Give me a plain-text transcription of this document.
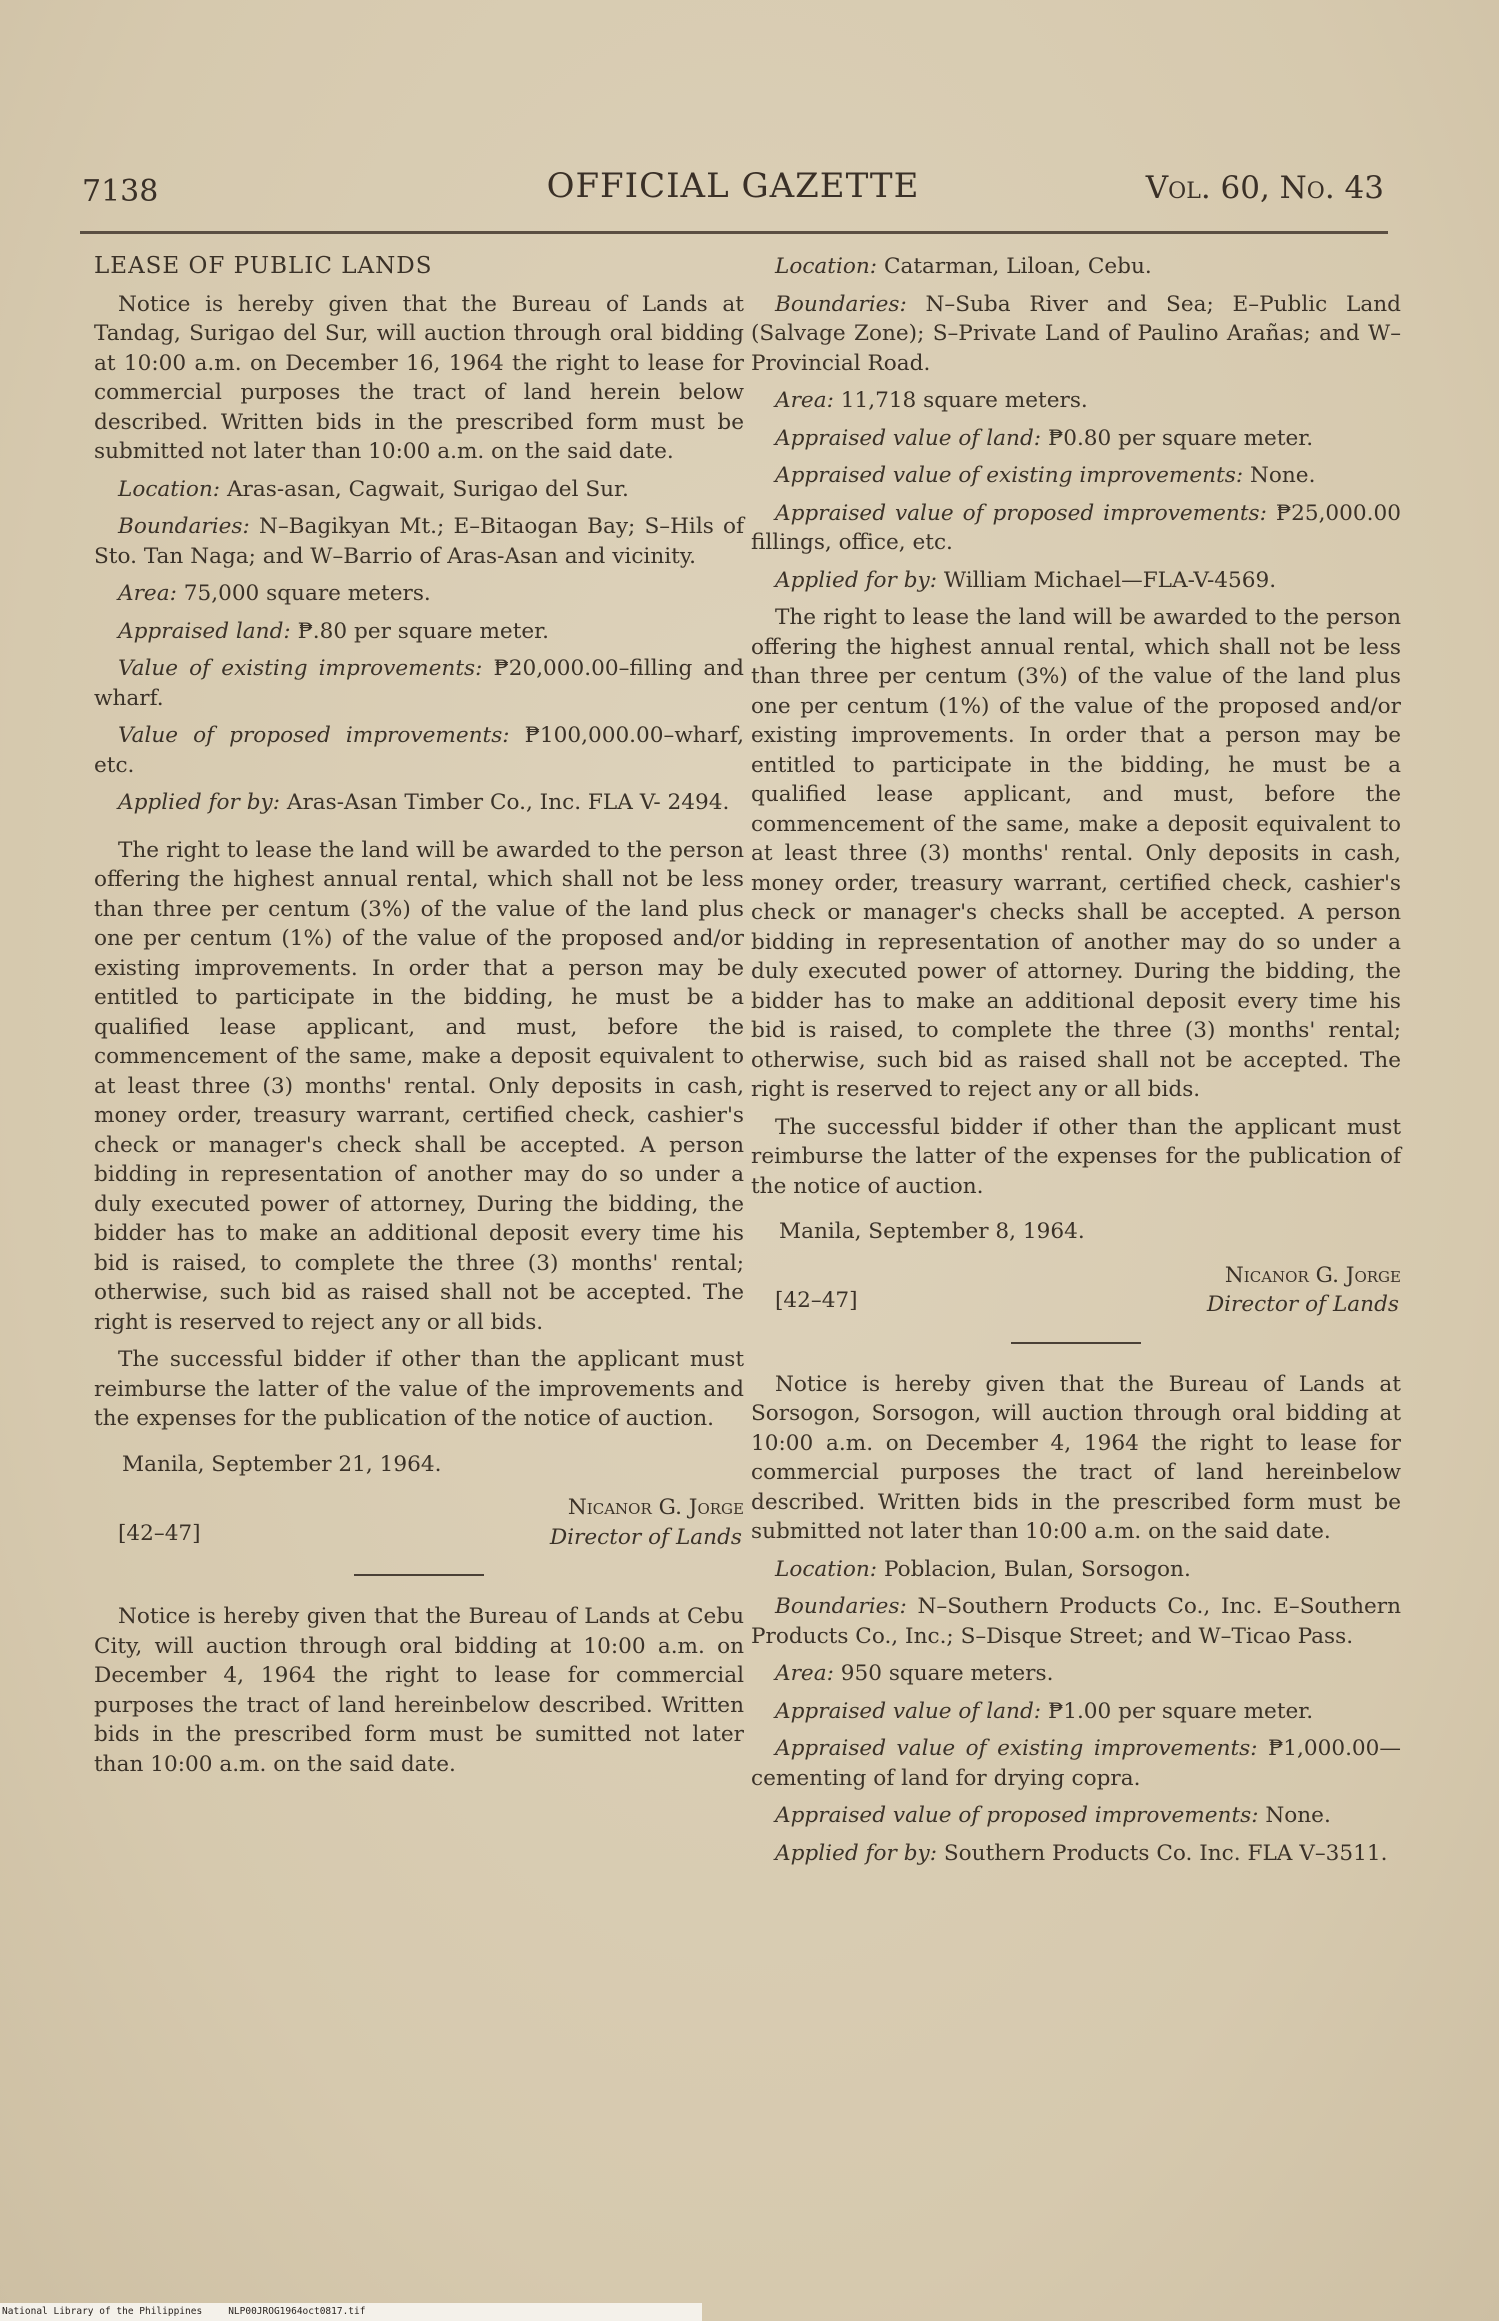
7138	OFFICIAL GAZETTE	Vol. 60, No. 43

LEASE OF PUBLIC LANDS

Notice is hereby given that the Bureau of Lands at Tandag, Surigao del Sur, will auction through oral bidding at 10:00 a.m. on December 16, 1964 the right to lease for commercial purposes the tract of land herein below described. Written bids in the prescribed form must be submitted not later than 10:00 a.m. on the said date.

Location: Aras-asan, Cagwait, Surigao del Sur.

Boundaries: N–Bagikyan Mt.; E–Bitaogan Bay; S–Hils of Sto. Tan Naga; and W–Barrio of Aras-Asan and vicinity.

Area: 75,000 square meters.

Appraised land: ₱.80 per square meter.

Value of existing improvements: ₱20,000.00–filling and wharf.

Value of proposed improvements: ₱100,000.00–wharf, etc.

Applied for by: Aras-Asan Timber Co., Inc. FLA V- 2494.

The right to lease the land will be awarded to the person offering the highest annual rental, which shall not be less than three per centum (3%) of the value of the land plus one per centum (1%) of the value of the proposed and/or existing improvements. In order that a person may be entitled to participate in the bidding, he must be a qualified lease applicant, and must, before the commencement of the same, make a deposit equivalent to at least three (3) months' rental. Only deposits in cash, money order, treasury warrant, certified check, cashier's check or manager's check shall be accepted. A person bidding in representation of another may do so under a duly executed power of attorney, During the bidding, the bidder has to make an additional deposit every time his bid is raised, to complete the three (3) months' rental; otherwise, such bid as raised shall not be accepted. The right is reserved to reject any or all bids.

The successful bidder if other than the applicant must reimburse the latter of the value of the improvements and the expenses for the publication of the notice of auction.

Manila, September 21, 1964.

[42–47]
Nicanor G. Jorge
Director of Lands

Notice is hereby given that the Bureau of Lands at Cebu City, will auction through oral bidding at 10:00 a.m. on December 4, 1964 the right to lease for commercial purposes the tract of land hereinbelow described. Written bids in the prescribed form must be sumitted not later than 10:00 a.m. on the said date.

Location: Catarman, Liloan, Cebu.

Boundaries: N–Suba River and Sea; E–Public Land (Salvage Zone); S–Private Land of Paulino Arañas; and W–Provincial Road.

Area: 11,718 square meters.

Appraised value of land: ₱0.80 per square meter.

Appraised value of existing improvements: None.

Appraised value of proposed improvements: ₱25,000.00 fillings, office, etc.

Applied for by: William Michael—FLA-V-4569.

The right to lease the land will be awarded to the person offering the highest annual rental, which shall not be less than three per centum (3%) of the value of the land plus one per centum (1%) of the value of the proposed and/or existing improvements. In order that a person may be entitled to participate in the bidding, he must be a qualified lease applicant, and must, before the commencement of the same, make a deposit equivalent to at least three (3) months' rental. Only deposits in cash, money order, treasury warrant, certified check, cashier's check or manager's checks shall be accepted. A person bidding in representation of another may do so under a duly executed power of attorney. During the bidding, the bidder has to make an additional deposit every time his bid is raised, to complete the three (3) months' rental; otherwise, such bid as raised shall not be accepted. The right is reserved to reject any or all bids.

The successful bidder if other than the applicant must reimburse the latter of the expenses for the publication of the notice of auction.

Manila, September 8, 1964.

[42–47]
Nicanor G. Jorge
Director of Lands

Notice is hereby given that the Bureau of Lands at Sorsogon, Sorsogon, will auction through oral bidding at 10:00 a.m. on December 4, 1964 the right to lease for commercial purposes the tract of land hereinbelow described. Written bids in the prescribed form must be submitted not later than 10:00 a.m. on the said date.

Location: Poblacion, Bulan, Sorsogon.

Boundaries: N–Southern Products Co., Inc. E–Southern Products Co., Inc.; S–Disque Street; and W–Ticao Pass.

Area: 950 square meters.

Appraised value of land: ₱1.00 per square meter.

Appraised value of existing improvements: ₱1,000.00—cementing of land for drying copra.

Appraised value of proposed improvements: None.

Applied for by: Southern Products Co. Inc. FLA V–3511.

National Library of the Philippines	NLP00JROG1964oct0817.tif
